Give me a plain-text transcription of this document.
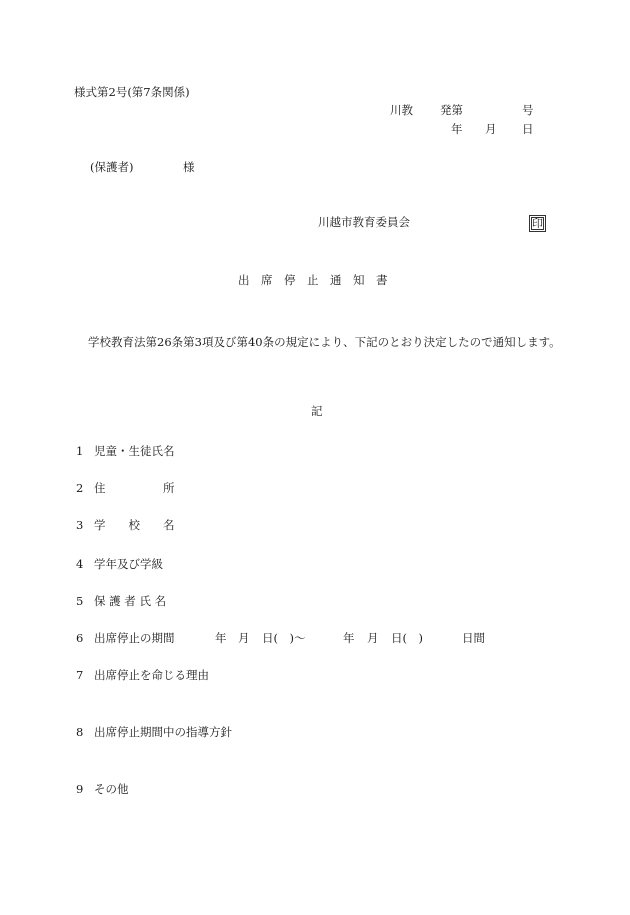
様式第2号(第7条関係)
川教 発第	号
年 月 日
(保護者)	様
川越市教育委員会	印
出　席　停　止　通　知　書
学校教育法第26条第3項及び第40条の規定により、下記のとおり決定したので通知します。
記
1 児童・生徒氏名
2 住　　　　　所
3 学　　校　　名
4 学年及び学級
5 保 護 者 氏 名
6 出席停止の期間	年 月 日(　)〜	年 月 日(　)	日間
7 出席停止を命じる理由
8 出席停止期間中の指導方針
9 その他
